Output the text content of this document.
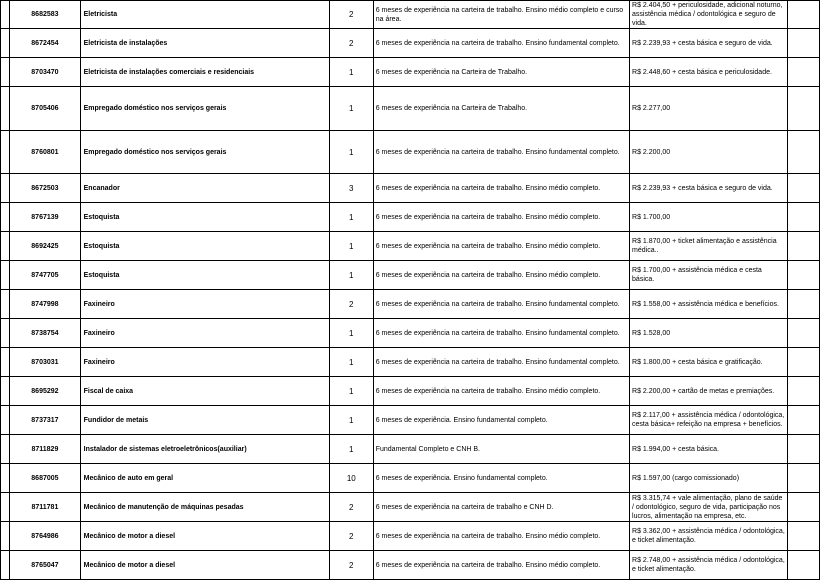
	8682583	Eletricista	2	6 meses de experiência na carteira de trabalho. Ensino médio completo e curso na área.	R$ 2.404,50 + periculosidade, adicional noturno, assistência médica / odontológica e seguro de vida.	
	8672454	Eletricista de instalações	2	6 meses de experiência na carteira de trabalho. Ensino fundamental completo.	R$ 2.239,93 + cesta básica e seguro de vida.	
	8703470	Eletricista de instalações comerciais e residenciais	1	6 meses de experiência na Carteira de Trabalho.	R$ 2.448,60 + cesta básica e periculosidade.	
	8705406	Empregado doméstico nos serviços gerais	1	6 meses de experiência na Carteira de Trabalho.	R$ 2.277,00	
	8760801	Empregado doméstico nos serviços gerais	1	6 meses de experiência na carteira de trabalho. Ensino fundamental completo.	R$ 2.200,00	
	8672503	Encanador	3	6 meses de experiência na carteira de trabalho. Ensino médio completo.	R$ 2.239,93 + cesta básica e seguro de vida.	
	8767139	Estoquista	1	6 meses de experiência na carteira de trabalho. Ensino médio completo.	R$ 1.700,00	
	8692425	Estoquista	1	6 meses de experiência na carteira de trabalho. Ensino médio completo.	R$ 1.870,00 + ticket alimentação e assistência médica..	
	8747705	Estoquista	1	6 meses de experiência na carteira de trabalho. Ensino médio completo.	R$ 1.700,00 + assistência médica e cesta básica.	
	8747998	Faxineiro	2	6 meses de experiência na carteira de trabalho. Ensino fundamental completo.	R$ 1.558,00 + assistência médica e benefícios.	
	8738754	Faxineiro	1	6 meses de experiência na carteira de trabalho. Ensino fundamental completo.	R$ 1.528,00	
	8703031	Faxineiro	1	6 meses de experiência na carteira de trabalho. Ensino fundamental completo.	R$ 1.800,00 + cesta básica e gratificação.	
	8695292	Fiscal de caixa	1	6 meses de experiência na carteira de trabalho. Ensino médio completo.	R$ 2.200,00 + cartão de metas e premiações.	
	8737317	Fundidor de metais	1	6 meses de experiência. Ensino fundamental completo.	R$ 2.117,00 + assistência médica / odontológica, cesta básica+ refeição na empresa + benefícios.	
	8711829	Instalador de sistemas eletroeletrônicos(auxiliar)	1	Fundamental Completo e CNH B.	R$ 1.994,00 + cesta básica.	
	8687005	Mecânico de auto em geral	10	6 meses de experiência. Ensino fundamental completo.	R$ 1.597,00 (cargo comissionado)	
	8711781	Mecânico de manutenção de máquinas pesadas	2	6 meses de experiência na carteira de trabalho e CNH D.	R$ 3.315,74 + vale alimentação, plano de saúde / odontológico, seguro de vida, participação nos lucros, alimentação na empresa, etc.	
	8764986	Mecânico de motor a diesel	2	6 meses de experiência na carteira de trabalho. Ensino médio completo.	R$ 3.362,00 + assistência médica / odontológica, e ticket alimentação.	
	8765047	Mecânico de motor a diesel	2	6 meses de experiência na carteira de trabalho. Ensino médio completo.	R$ 2.748,00 + assistência médica / odontológica, e ticket alimentação.	
